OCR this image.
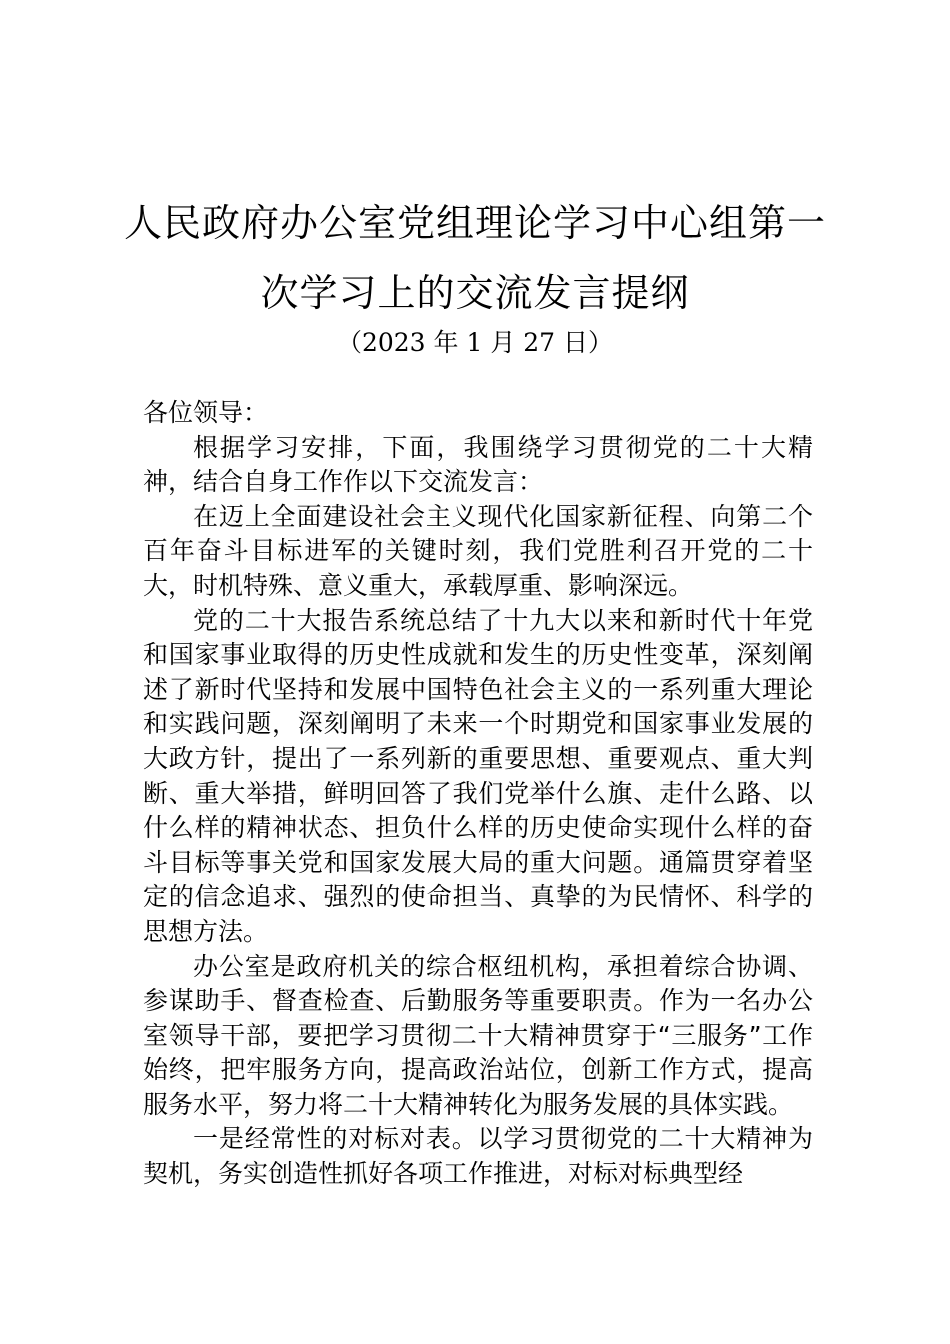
人民政府办公室党组理论学习中心组第一
次学习上的交流发言提纲
（2023 年 1 月 27 日）

各位领导：

根据学习安排，下面，我围绕学习贯彻党的二十大精神，结合自身工作作以下交流发言：

在迈上全面建设社会主义现代化国家新征程、向第二个百年奋斗目标进军的关键时刻，我们党胜利召开党的二十大，时机特殊、意义重大，承载厚重、影响深远。

党的二十大报告系统总结了十九大以来和新时代十年党和国家事业取得的历史性成就和发生的历史性变革，深刻阐述了新时代坚持和发展中国特色社会主义的一系列重大理论和实践问题，深刻阐明了未来一个时期党和国家事业发展的大政方针，提出了一系列新的重要思想、重要观点、重大判断、重大举措，鲜明回答了我们党举什么旗、走什么路、以什么样的精神状态、担负什么样的历史使命实现什么样的奋斗目标等事关党和国家发展大局的重大问题。通篇贯穿着坚定的信念追求、强烈的使命担当、真挚的为民情怀、科学的思想方法。

办公室是政府机关的综合枢纽机构，承担着综合协调、参谋助手、督查检查、后勤服务等重要职责。作为一名办公室领导干部，要把学习贯彻二十大精神贯穿于“三服务”工作始终，把牢服务方向，提高政治站位，创新工作方式，提高服务水平，努力将二十大精神转化为服务发展的具体实践。

一是经常性的对标对表。以学习贯彻党的二十大精神为契机，务实创造性抓好各项工作推进，对标对标典型经
